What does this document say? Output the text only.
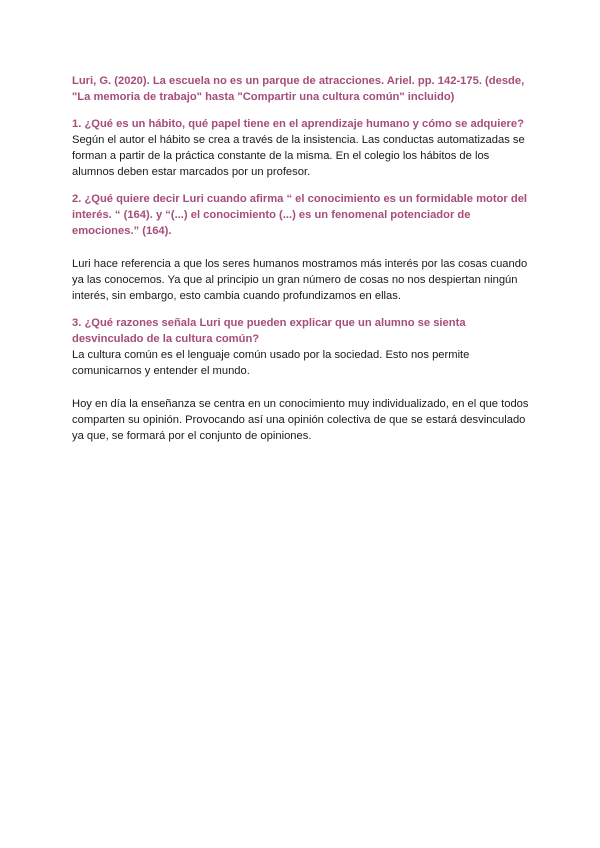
Luri, G. (2020). La escuela no es un parque de atracciones. Ariel. pp. 142-175. (desde, "La memoria de trabajo" hasta "Compartir una cultura común" incluido)

1. ¿Qué es un hábito, qué papel tiene en el aprendizaje humano y cómo se adquiere?

Según el autor el hábito se crea a través de la insistencia. Las conductas automatizadas se forman a partir de la práctica constante de la misma. En el colegio los hábitos de los alumnos deben estar marcados por un profesor.

2. ¿Qué quiere decir Luri cuando afirma “ el conocimiento es un formidable motor del interés. “ (164). y “(...) el conocimiento (...) es un fenomenal potenciador de emociones.” (164).

Luri hace referencia a que los seres humanos mostramos más interés por las cosas cuando ya las conocemos. Ya que al principio un gran número de cosas no nos despiertan ningún interés, sin embargo, esto cambia cuando profundizamos en ellas.

3. ¿Qué razones señala Luri que pueden explicar que un alumno se sienta desvinculado de la cultura común?

La cultura común es el lenguaje común usado por la sociedad. Esto nos permite comunicarnos y entender el mundo.

Hoy en día la enseñanza se centra en un conocimiento muy individualizado, en el que todos comparten su opinión. Provocando así una opinión colectiva de que se estará desvinculado ya que, se formará por el conjunto de opiniones.
